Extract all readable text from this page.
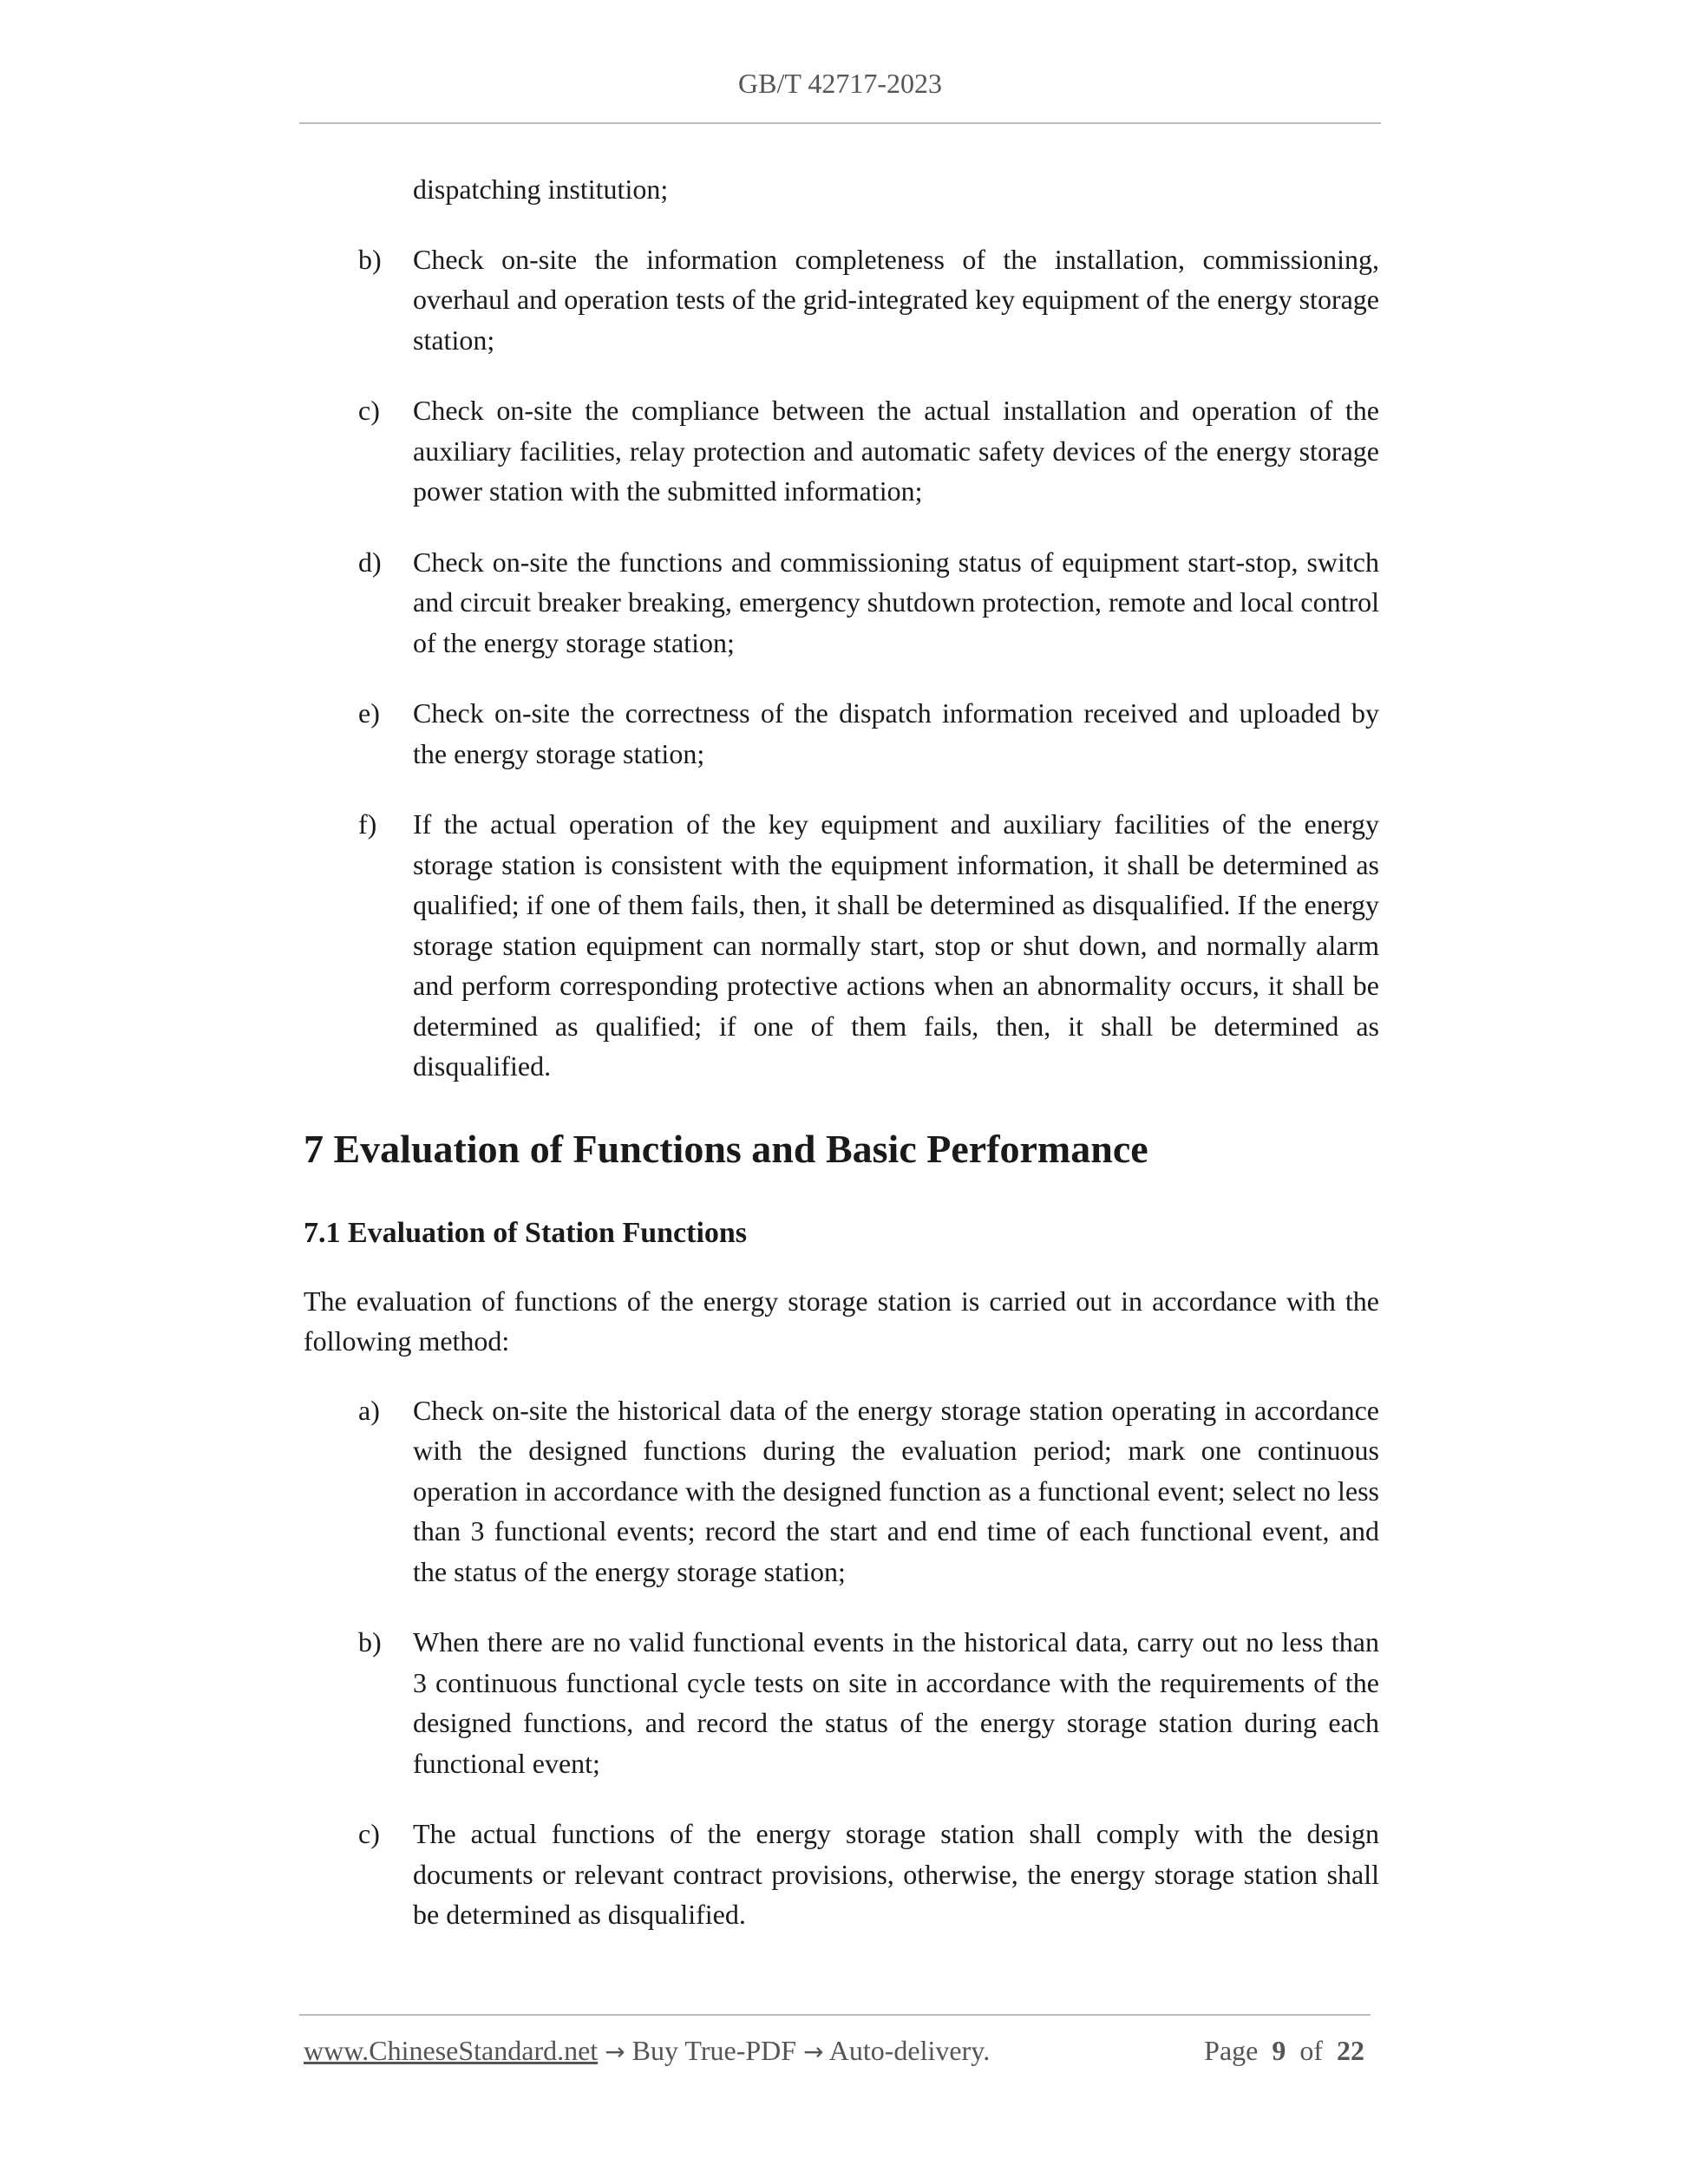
GB/T 42717-2023
dispatching institution;
b) Check on-site the information completeness of the installation, commissioning, overhaul and operation tests of the grid-integrated key equipment of the energy storage station;
c) Check on-site the compliance between the actual installation and operation of the auxiliary facilities, relay protection and automatic safety devices of the energy storage power station with the submitted information;
d) Check on-site the functions and commissioning status of equipment start-stop, switch and circuit breaker breaking, emergency shutdown protection, remote and local control of the energy storage station;
e) Check on-site the correctness of the dispatch information received and uploaded by the energy storage station;
f) If the actual operation of the key equipment and auxiliary facilities of the energy storage station is consistent with the equipment information, it shall be determined as qualified; if one of them fails, then, it shall be determined as disqualified. If the energy storage station equipment can normally start, stop or shut down, and normally alarm and perform corresponding protective actions when an abnormality occurs, it shall be determined as qualified; if one of them fails, then, it shall be determined as disqualified.
7 Evaluation of Functions and Basic Performance
7.1 Evaluation of Station Functions
The evaluation of functions of the energy storage station is carried out in accordance with the following method:
a) Check on-site the historical data of the energy storage station operating in accordance with the designed functions during the evaluation period; mark one continuous operation in accordance with the designed function as a functional event; select no less than 3 functional events; record the start and end time of each functional event, and the status of the energy storage station;
b) When there are no valid functional events in the historical data, carry out no less than 3 continuous functional cycle tests on site in accordance with the requirements of the designed functions, and record the status of the energy storage station during each functional event;
c) The actual functions of the energy storage station shall comply with the design documents or relevant contract provisions, otherwise, the energy storage station shall be determined as disqualified.
www.ChineseStandard.net → Buy True-PDF → Auto-delivery.	Page 9 of 22
